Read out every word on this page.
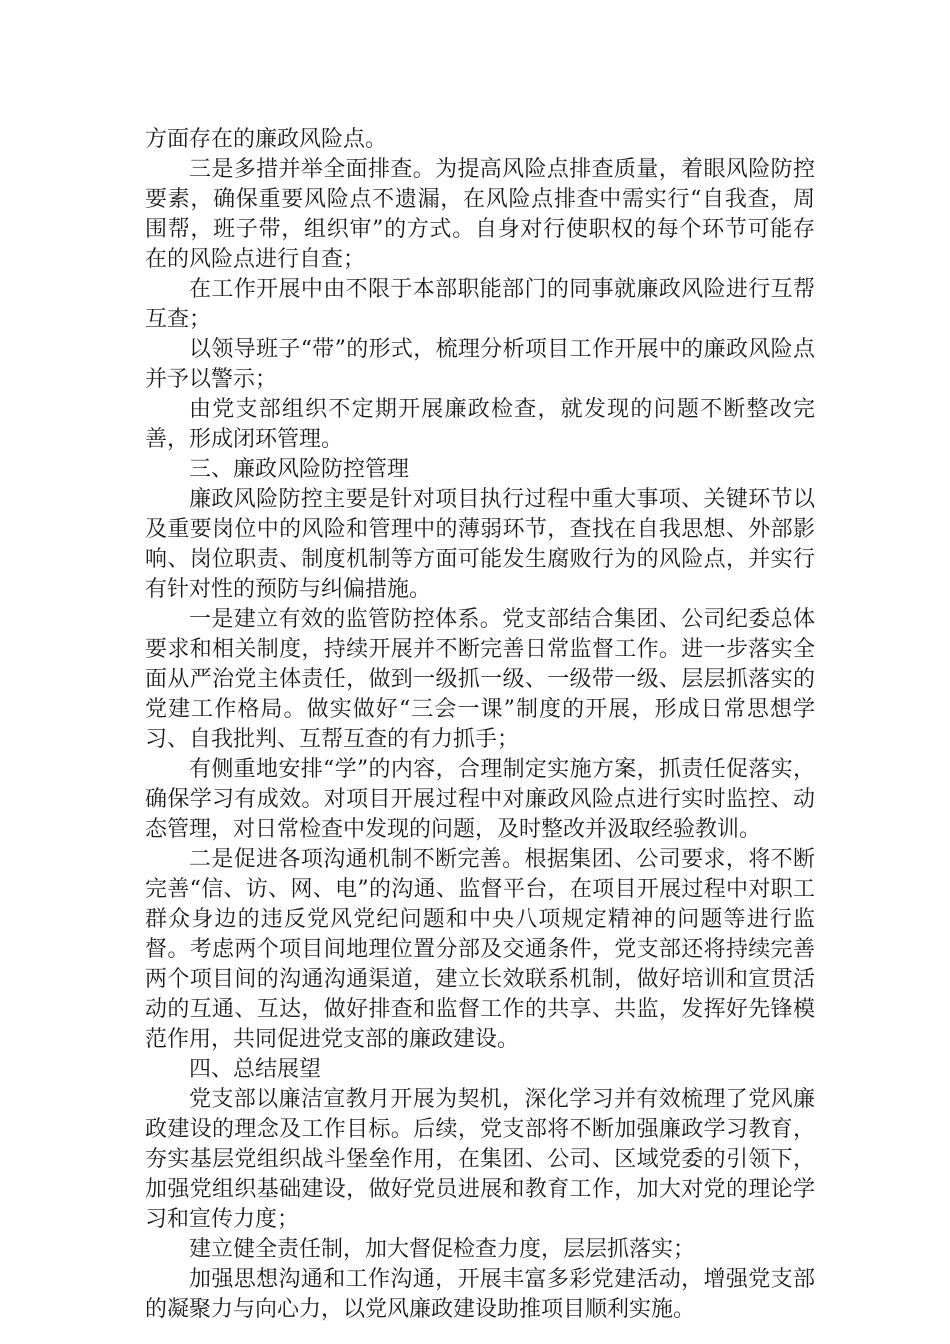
方面存在的廉政风险点。

三是多措并举全面排查。为提高风险点排查质量，着眼风险防控要素，确保重要风险点不遗漏，在风险点排查中需实行“自我查，周围帮，班子带，组织审”的方式。自身对行使职权的每个环节可能存在的风险点进行自查；

在工作开展中由不限于本部职能部门的同事就廉政风险进行互帮互查；

以领导班子“带”的形式，梳理分析项目工作开展中的廉政风险点并予以警示；

由党支部组织不定期开展廉政检查，就发现的问题不断整改完善，形成闭环管理。

三、廉政风险防控管理

廉政风险防控主要是针对项目执行过程中重大事项、关键环节以及重要岗位中的风险和管理中的薄弱环节，查找在自我思想、外部影响、岗位职责、制度机制等方面可能发生腐败行为的风险点，并实行有针对性的预防与纠偏措施。

一是建立有效的监管防控体系。党支部结合集团、公司纪委总体要求和相关制度，持续开展并不断完善日常监督工作。进一步落实全面从严治党主体责任，做到一级抓一级、一级带一级、层层抓落实的党建工作格局。做实做好“三会一课”制度的开展，形成日常思想学习、自我批判、互帮互查的有力抓手；

有侧重地安排“学”的内容，合理制定实施方案，抓责任促落实，确保学习有成效。对项目开展过程中对廉政风险点进行实时监控、动态管理，对日常检查中发现的问题，及时整改并汲取经验教训。

二是促进各项沟通机制不断完善。根据集团、公司要求，将不断完善“信、访、网、电”的沟通、监督平台，在项目开展过程中对职工群众身边的违反党风党纪问题和中央八项规定精神的问题等进行监督。考虑两个项目间地理位置分部及交通条件，党支部还将持续完善两个项目间的沟通沟通渠道，建立长效联系机制，做好培训和宣贯活动的互通、互达，做好排查和监督工作的共享、共监，发挥好先锋模范作用，共同促进党支部的廉政建设。

四、总结展望

党支部以廉洁宣教月开展为契机，深化学习并有效梳理了党风廉政建设的理念及工作目标。后续，党支部将不断加强廉政学习教育，夯实基层党组织战斗堡垒作用，在集团、公司、区域党委的引领下，加强党组织基础建设，做好党员进展和教育工作，加大对党的理论学习和宣传力度；

建立健全责任制，加大督促检查力度，层层抓落实；

加强思想沟通和工作沟通，开展丰富多彩党建活动，增强党支部的凝聚力与向心力，以党风廉政建设助推项目顺利实施。
